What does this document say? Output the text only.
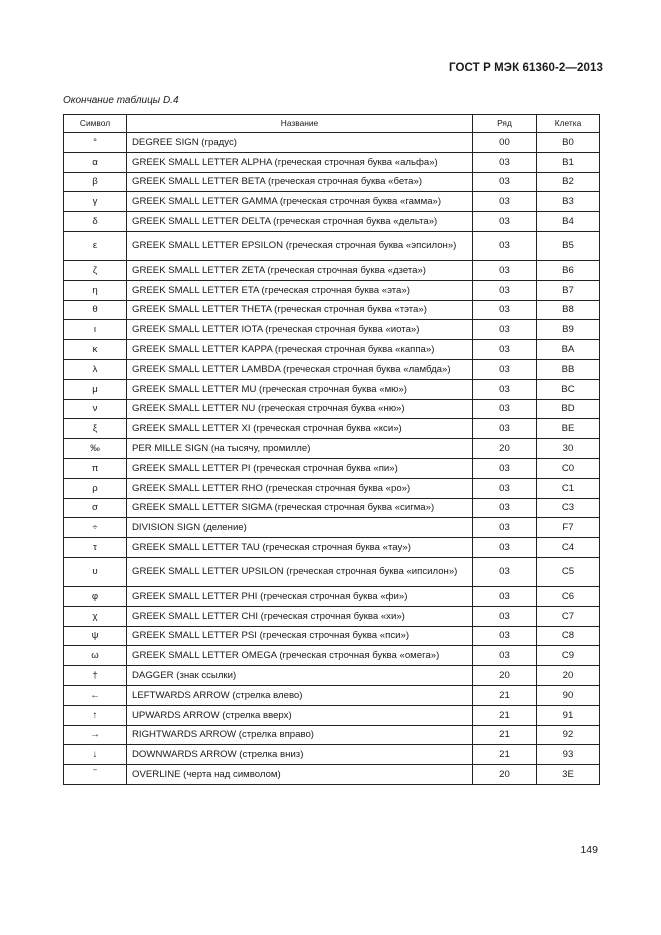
ГОСТ Р МЭК 61360-2—2013
Окончание таблицы D.4
Символ	Название	Ряд	Клетка
°	DEGREE SIGN (градус)	00	B0
α	GREEK SMALL LETTER ALPHA (греческая строчная буква «альфа»)	03	B1
β	GREEK SMALL LETTER BETA (греческая строчная буква «бета»)	03	B2
γ	GREEK SMALL LETTER GAMMA (греческая строчная буква «гамма»)	03	B3
δ	GREEK SMALL LETTER DELTA (греческая строчная буква «дельта»)	03	B4
ε	GREEK SMALL LETTER EPSILON (греческая строчная буква «эпсилон»)	03	B5
ζ	GREEK SMALL LETTER ZETA (греческая строчная буква «дзета»)	03	B6
η	GREEK SMALL LETTER ETA (греческая строчная буква «эта»)	03	B7
θ	GREEK SMALL LETTER THETA (греческая строчная буква «тэта»)	03	B8
ι	GREEK SMALL LETTER IOTA (греческая строчная буква «иота»)	03	B9
κ	GREEK SMALL LETTER KAPPA (греческая строчная буква «каппа»)	03	BA
λ	GREEK SMALL LETTER LAMBDA (греческая строчная буква «ламбда»)	03	BB
μ	GREEK SMALL LETTER MU (греческая строчная буква «мю»)	03	BC
ν	GREEK SMALL LETTER NU (греческая строчная буква «ню»)	03	BD
ξ	GREEK SMALL LETTER XI (греческая строчная буква «кси»)	03	BE
‰	PER MILLE SIGN (на тысячу, промилле)	20	30
π	GREEK SMALL LETTER PI (греческая строчная буква «пи»)	03	C0
ρ	GREEK SMALL LETTER RHO (греческая строчная буква «ро»)	03	C1
σ	GREEK SMALL LETTER SIGMA (греческая строчная буква «сигма»)	03	C3
÷	DIVISION SIGN (деление)	03	F7
τ	GREEK SMALL LETTER TAU (греческая строчная буква «тау»)	03	C4
υ	GREEK SMALL LETTER UPSILON (греческая строчная буква «ипсилон»)	03	C5
φ	GREEK SMALL LETTER PHI (греческая строчная буква «фи»)	03	C6
χ	GREEK SMALL LETTER CHI (греческая строчная буква «хи»)	03	C7
ψ	GREEK SMALL LETTER PSI (греческая строчная буква «пси»)	03	C8
ω	GREEK SMALL LETTER OMEGA (греческая строчная буква «омега»)	03	C9
†	DAGGER (знак ссылки)	20	20
←	LEFTWARDS ARROW (стрелка влево)	21	90
↑	UPWARDS ARROW (стрелка вверх)	21	91
→	RIGHTWARDS ARROW (стрелка вправо)	21	92
↓	DOWNWARDS ARROW (стрелка вниз)	21	93
‾	OVERLINE (черта над символом)	20	3E
149
